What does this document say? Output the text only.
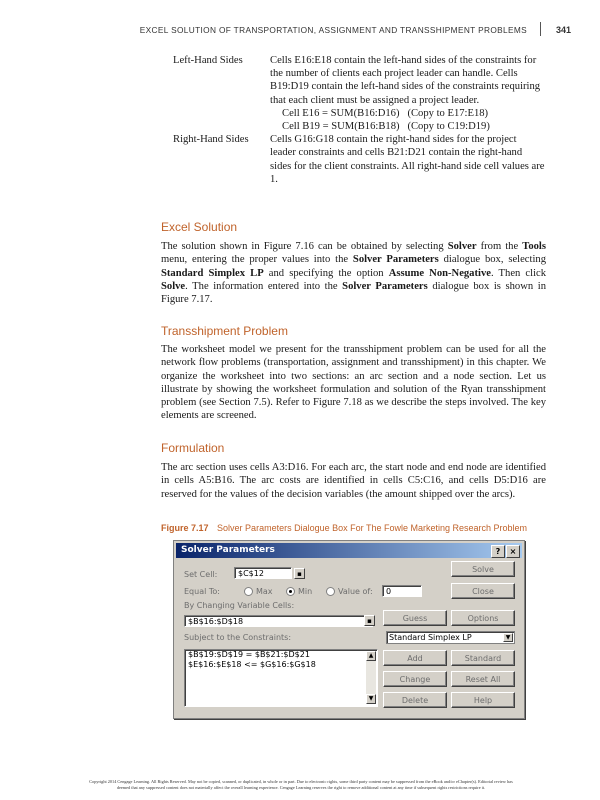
EXCEL SOLUTION OF TRANSPORTATION, ASSIGNMENT AND TRANSSHIPMENT PROBLEMS	341
Left-Hand Sides	Cells E16:E18 contain the left-hand sides of the constraints for the number of clients each project leader can handle. Cells B19:D19 contain the left-hand sides of the constraints requiring that each client must be assigned a project leader.
Cell E16 = SUM(B16:D16)   (Copy to E17:E18)
Cell B19 = SUM(B16:B18)   (Copy to C19:D19)
Right-Hand Sides	Cells G16:G18 contain the right-hand sides for the project leader constraints and cells B21:D21 contain the right-hand sides for the client constraints. All right-hand side cell values are 1.
Excel Solution

The solution shown in Figure 7.16 can be obtained by selecting Solver from the Tools menu, entering the proper values into the Solver Parameters dialogue box, selecting Standard Simplex LP and specifying the option Assume Non-Negative. Then click Solve. The information entered into the Solver Parameters dialogue box is shown in Figure 7.17.

Transshipment Problem

The worksheet model we present for the transshipment problem can be used for all the network flow problems (transportation, assignment and transshipment) in this chapter. We organize the worksheet into two sections: an arc section and a node section. Let us illustrate by showing the worksheet formulation and solution of the Ryan transshipment problem (see Section 7.5). Refer to Figure 7.18 as we describe the steps involved. The key elements are screened.

Formulation

The arc section uses cells A3:D16. For each arc, the start node and end node are identified in cells A5:B16. The arc costs are identified in cells C5:C16, and cells D5:D16 are reserved for the values of the decision variables (the amount shipped over the arcs).

Figure 7.17 Solver Parameters Dialogue Box For The Fowle Marketing Research Problem
Solver Parameters	?	×
Set Cell:	$C$12	▪
Equal To:	Max	Min	Value of:	0
By Changing Variable Cells:
$B$16:$D$18	▪
Subject to the Constraints:
$B$19:$D$19 = $B$21:$D$21
$E$16:$E$18 <= $G$16:$G$18
▲
▼
Standard Simplex LP	▼
Solve
Close
Guess	Options
Add	Standard
Change	Reset All
Delete	Help
Copyright 2014 Cengage Learning. All Rights Reserved. May not be copied, scanned, or duplicated, in whole or in part. Due to electronic rights, some third party content may be suppressed from the eBook and/or eChapter(s). Editorial review has
deemed that any suppressed content does not materially affect the overall learning experience. Cengage Learning reserves the right to remove additional content at any time if subsequent rights restrictions require it.
